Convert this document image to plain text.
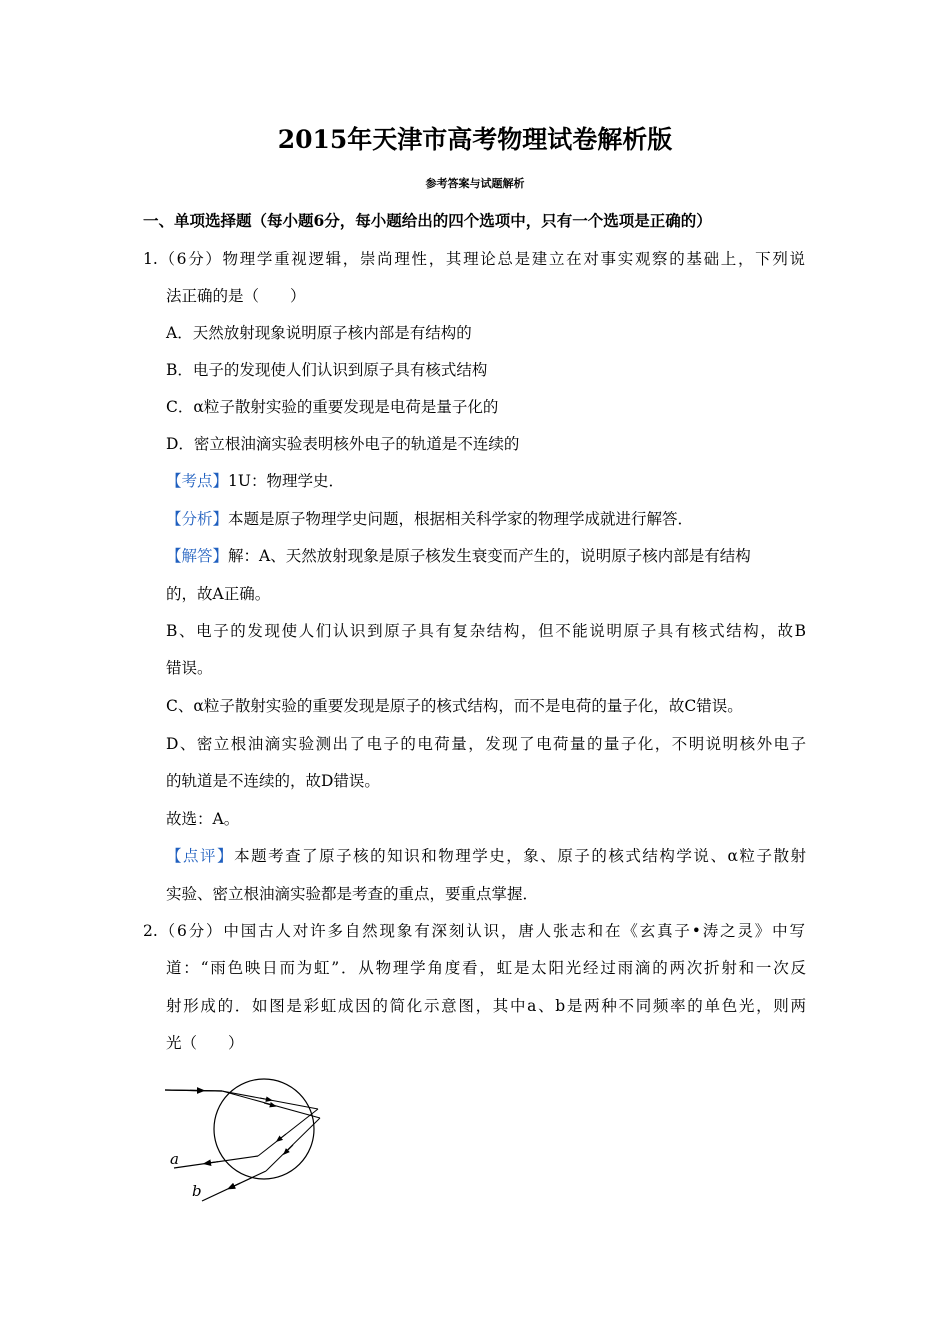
2015年天津市高考物理试卷解析版
参考答案与试题解析
一、单项选择题（每小题6分，每小题给出的四个选项中，只有一个选项是正确的）
1.（6分）物理学重视逻辑，崇尚理性，其理论总是建立在对事实观察的基础上，下列说
法正确的是（　　）
A．天然放射现象说明原子核内部是有结构的
B．电子的发现使人们认识到原子具有核式结构
C．α粒子散射实验的重要发现是电荷是量子化的
D．密立根油滴实验表明核外电子的轨道是不连续的
【考点】1U：物理学史．
【分析】本题是原子物理学史问题，根据相关科学家的物理学成就进行解答．
【解答】解：A、天然放射现象是原子核发生衰变而产生的，说明原子核内部是有结构
的，故A正确。
B、电子的发现使人们认识到原子具有复杂结构，但不能说明原子具有核式结构，故B
错误。
C、α粒子散射实验的重要发现是原子的核式结构，而不是电荷的量子化，故C错误。
D、密立根油滴实验测出了电子的电荷量，发现了电荷量的量子化，不明说明核外电子
的轨道是不连续的，故D错误。
故选：A。
【点评】本题考查了原子核的知识和物理学史，象、原子的核式结构学说、α粒子散射
实验、密立根油滴实验都是考查的重点，要重点掌握．
2.（6分）中国古人对许多自然现象有深刻认识，唐人张志和在《玄真子•涛之灵》中写
道：“雨色映日而为虹”．从物理学角度看，虹是太阳光经过雨滴的两次折射和一次反
射形成的．如图是彩虹成因的简化示意图，其中a、b是两种不同频率的单色光，则两
光（　　）
a
b
